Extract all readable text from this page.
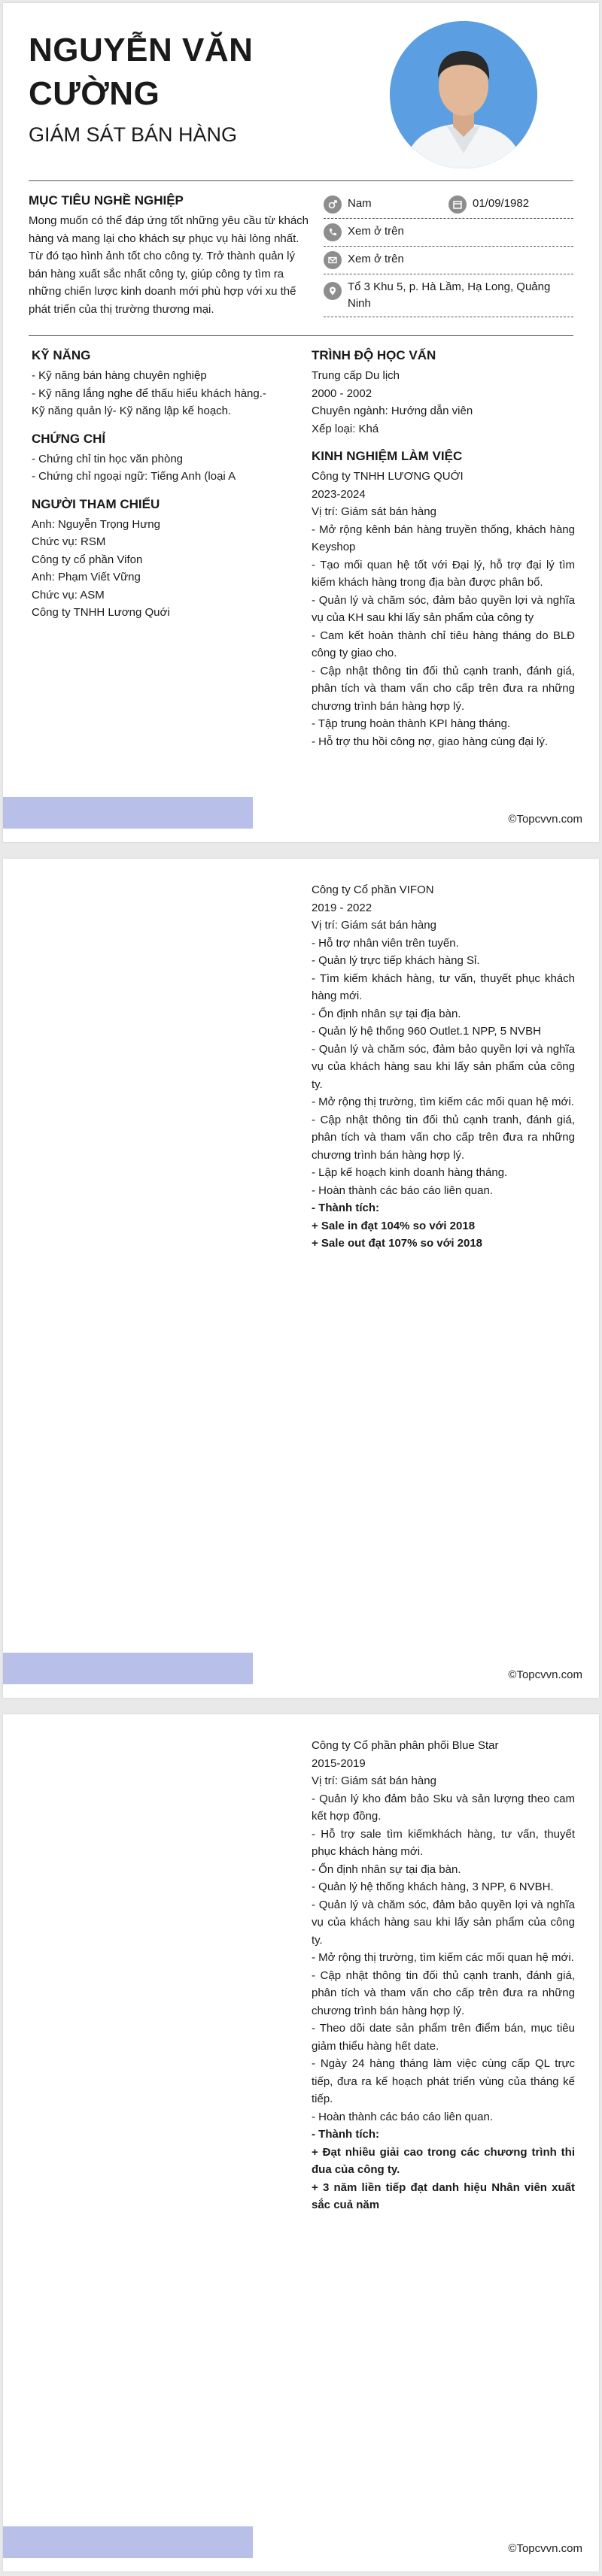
NGUYỄN VĂN CƯỜNG
GIÁM SÁT BÁN HÀNG
MỤC TIÊU NGHỀ NGHIỆP
Mong muốn có thể đáp ứng tốt những yêu cầu từ khách hàng và mang lại cho khách sự phục vụ hài lòng nhất. Từ đó tạo hình ảnh tốt cho công ty. Trở thành quản lý bán hàng xuất sắc nhất công ty, giúp công ty tìm ra những chiến lược kinh doanh mới phù hợp với xu thế phát triển của thị trường thương mại.
Nam	01/09/1982
Xem ở trên
Xem ở trên
Tổ 3 Khu 5, p. Hà Lầm, Hạ Long, Quảng Ninh
KỸ NĂNG
- Kỹ năng bán hàng chuyên nghiệp
- Kỹ năng lắng nghe để thấu hiểu khách hàng.-
Kỹ năng quản lý- Kỹ năng lập kế hoạch.
CHỨNG CHỈ
- Chứng chỉ tin học văn phòng
- Chứng chỉ ngoại ngữ: Tiếng Anh (loại A
NGƯỜI THAM CHIẾU
Anh: Nguyễn Trọng Hưng
Chức vụ: RSM
Công ty cổ phần Vifon
Anh: Phạm Viết Vững
Chức vụ: ASM
Công ty TNHH Lương Quới
TRÌNH ĐỘ HỌC VẤN
Trung cấp Du lịch
2000 - 2002
Chuyên ngành: Hướng dẫn viên
Xếp loại: Khá
KINH NGHIỆM LÀM VIỆC
Công ty TNHH LƯƠNG QUỚI
2023-2024
Vị trí: Giám sát bán hàng
- Mở rộng kênh bán hàng truyền thống, khách hàng Keyshop
- Tạo mối quan hệ tốt với Đại lý, hỗ trợ đại lý tìm kiếm khách hàng trong địa bàn được phân bổ.
- Quản lý và chăm sóc, đảm bảo quyền lợi và nghĩa vụ của KH sau khi lấy sản phẩm của công ty
- Cam kết hoàn thành chỉ tiêu hàng tháng do BLĐ công ty giao cho.
- Cập nhật thông tin đối thủ cạnh tranh, đánh giá, phân tích và tham vấn cho cấp trên đưa ra những chương trình bán hàng hợp lý.
- Tập trung hoàn thành KPI hàng tháng.
- Hỗ trợ thu hồi công nợ, giao hàng cùng đại lý.
©Topcvvn.com
Công ty Cổ phần VIFON
2019 - 2022
Vị trí: Giám sát bán hàng
- Hỗ trợ nhân viên trên tuyến.
- Quản lý trực tiếp khách hàng Sỉ.
- Tìm kiếm khách hàng, tư vấn, thuyết phục khách hàng mới.
- Ổn định nhân sự tại địa bàn.
- Quản lý hệ thống 960 Outlet.1 NPP, 5 NVBH
- Quản lý và chăm sóc, đảm bảo quyền lợi và nghĩa vụ của khách hàng sau khi lấy sản phẩm của công ty.
- Mở rộng thị trường, tìm kiếm các mối quan hệ mới.
- Cập nhật thông tin đối thủ cạnh tranh, đánh giá, phân tích và tham vấn cho cấp trên đưa ra những chương trình bán hàng hợp lý.
- Lập kế hoạch kinh doanh hàng tháng.
- Hoàn thành các báo cáo liên quan.
- Thành tích:
+ Sale in đạt 104% so với 2018
+ Sale out đạt 107% so với 2018
©Topcvvn.com
Công ty Cổ phần phân phối Blue Star
2015-2019
Vị trí: Giám sát bán hàng
- Quản lý kho đảm bảo Sku và sản lượng theo cam kết hợp đồng.
- Hỗ trợ sale tìm kiếmkhách hàng, tư vấn, thuyết phục khách hàng mới.
- Ổn định nhân sự tại địa bàn.
- Quản lý hệ thống khách hàng, 3 NPP, 6 NVBH.
- Quản lý và chăm sóc, đảm bảo quyền lợi và nghĩa vụ của khách hàng sau khi lấy sản phẩm của công ty.
- Mở rộng thị trường, tìm kiếm các mối quan hệ mới.
- Cập nhật thông tin đối thủ cạnh tranh, đánh giá, phân tích và tham vấn cho cấp trên đưa ra những chương trình bán hàng hợp lý.
- Theo dõi date sản phẩm trên điểm bán, mục tiêu giảm thiểu hàng hết date.
- Ngày 24 hàng tháng làm việc cùng cấp QL trực tiếp, đưa ra kế hoạch phát triển vùng của tháng kế tiếp.
- Hoàn thành các báo cáo liên quan.
- Thành tích:
+ Đạt nhiều giải cao trong các chương trình thi đua của công ty.
+ 3 năm liền tiếp đạt danh hiệu Nhân viên xuất sắc cuả năm
©Topcvvn.com
